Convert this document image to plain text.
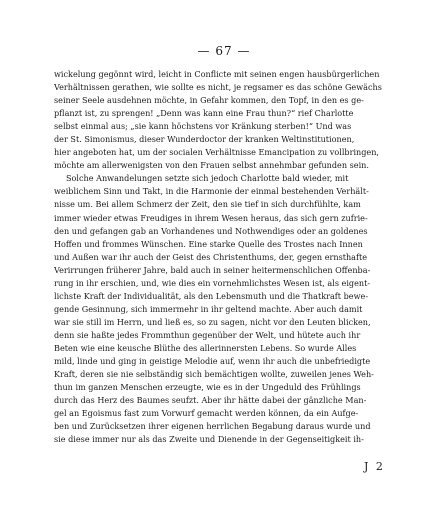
— 67 —
wickelung gegönnt wird, leicht in Conflicte mit seinen engen hausbürgerlichen
Verhältnissen gerathen, wie sollte es nicht, je regsamer es das schöne Gewächs
seiner Seele ausdehnen möchte, in Gefahr kommen, den Topf, in den es ge-
pflanzt ist, zu sprengen! „Denn was kann eine Frau thun?“ rief Charlotte
selbst einmal aus; „sie kann höchstens vor Kränkung sterben!“ Und was
der St. Simonismus, dieser Wunderdoctor der kranken Weltinstitutionen,
hier angeboten hat, um der socialen Verhältnisse Emancipation zu vollbringen,
möchte am allerwenigsten von den Frauen selbst annehmbar gefunden sein.
Solche Anwandelungen setzte sich jedoch Charlotte bald wieder, mit
weiblichem Sinn und Takt, in die Harmonie der einmal bestehenden Verhält-
nisse um. Bei allem Schmerz der Zeit, den sie tief in sich durchfühlte, kam
immer wieder etwas Freudiges in ihrem Wesen heraus, das sich gern zufrie-
den und gefangen gab an Vorhandenes und Nothwendiges oder an goldenes
Hoffen und frommes Wünschen. Eine starke Quelle des Trostes nach Innen
und Außen war ihr auch der Geist des Christenthums, der, gegen ernsthafte
Verirrungen früherer Jahre, bald auch in seiner heitermenschlichen Offenba-
rung in ihr erschien, und, wie dies ein vornehmlichstes Wesen ist, als eigent-
lichste Kraft der Individualität, als den Lebensmuth und die Thatkraft bewe-
gende Gesinnung, sich immermehr in ihr geltend machte. Aber auch damit
war sie still im Herrn, und ließ es, so zu sagen, nicht vor den Leuten blicken,
denn sie haßte jedes Frommthun gegenüber der Welt, und hütete auch ihr
Beten wie eine keusche Blüthe des allerinnersten Lebens. So wurde Alles
mild, linde und ging in geistige Melodie auf, wenn ihr auch die unbefriedigte
Kraft, deren sie nie selbständig sich bemächtigen wollte, zuweilen jenes Weh-
thun im ganzen Menschen erzeugte, wie es in der Ungeduld des Frühlings
durch das Herz des Baumes seufzt. Aber ihr hätte dabei der gänzliche Man-
gel an Egoismus fast zum Vorwurf gemacht werden können, da ein Aufge-
ben und Zurücksetzen ihrer eigenen herrlichen Begabung daraus wurde und
sie diese immer nur als das Zweite und Dienende in der Gegenseitigkeit ih-
J 2
